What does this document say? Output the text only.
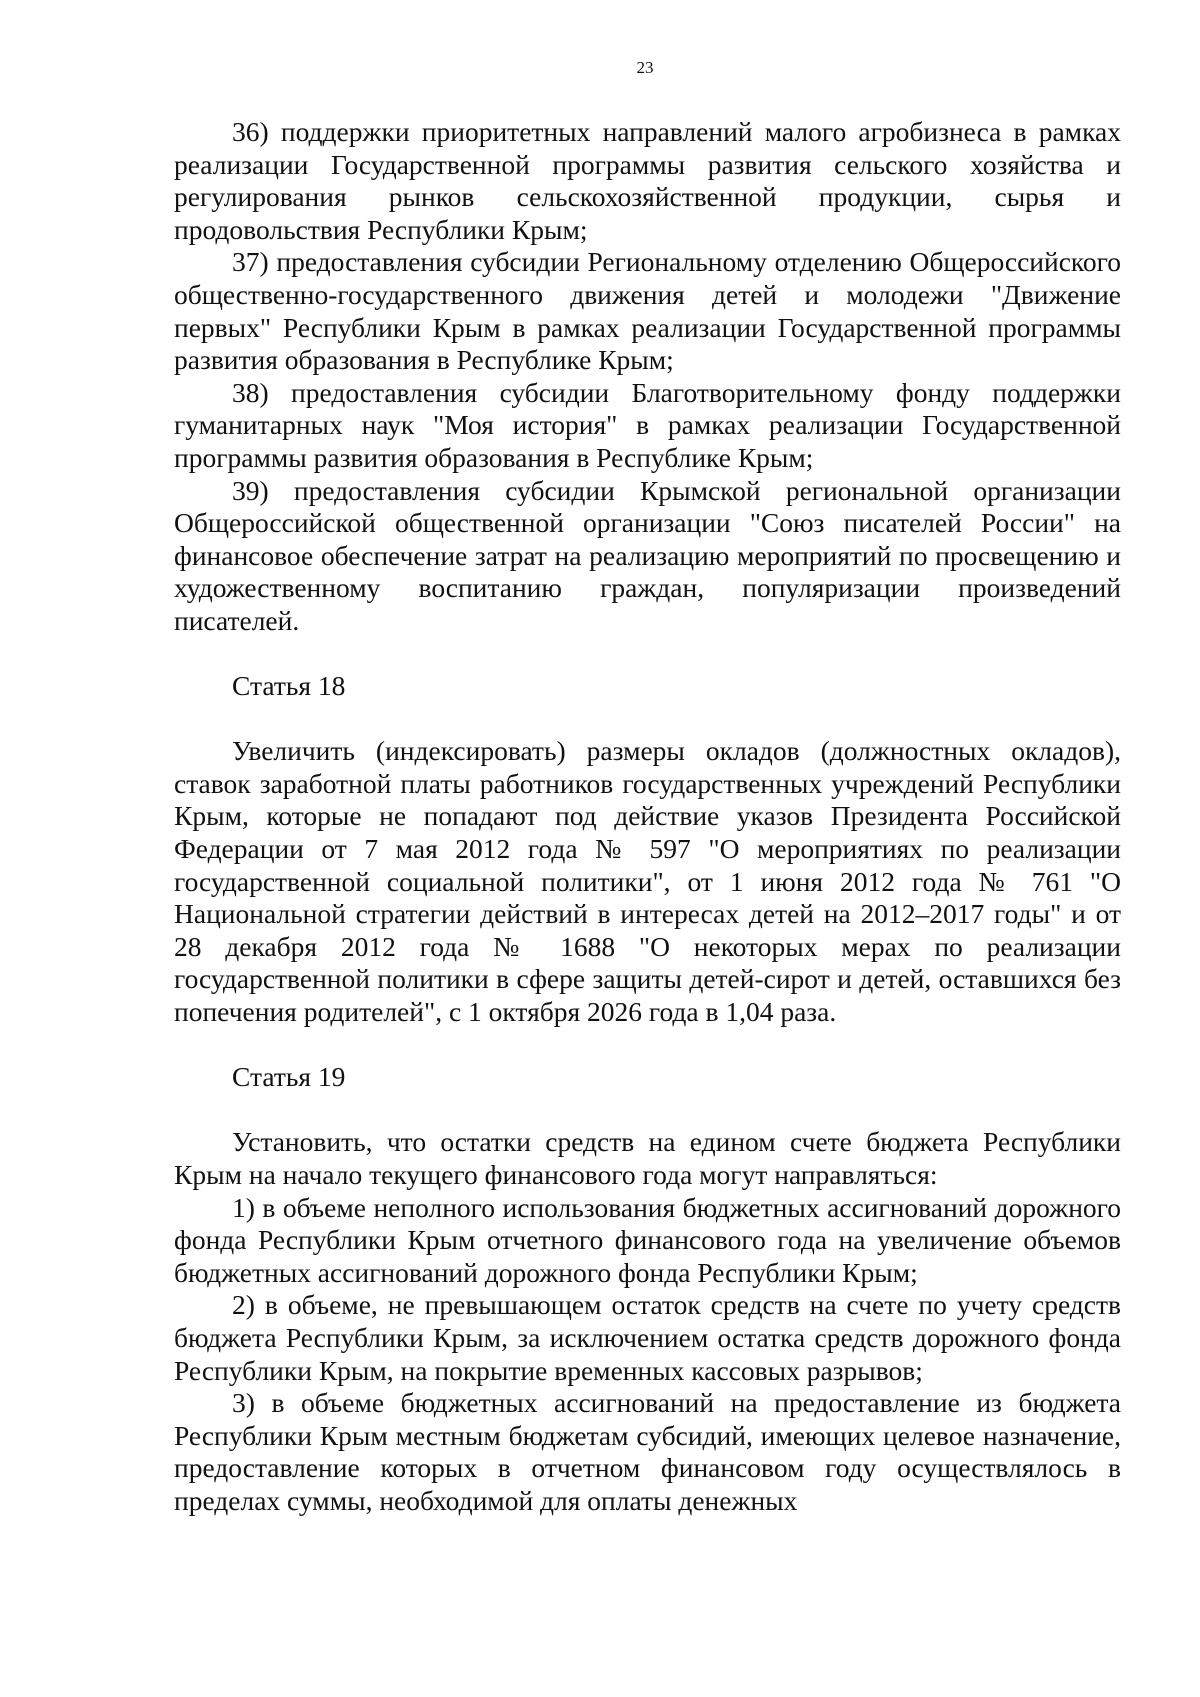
23

36) поддержки приоритетных направлений малого агробизнеса в рамках реализации Государственной программы развития сельского хозяйства и регулирования рынков сельскохозяйственной продукции, сырья и продовольствия Республики Крым;

37) предоставления субсидии Региональному отделению Общероссийского общественно-государственного движения детей и молодежи "Движение первых" Республики Крым в рамках реализации Государственной программы развития образования в Республике Крым;

38) предоставления субсидии Благотворительному фонду поддержки гуманитарных наук "Моя история" в рамках реализации Государственной программы развития образования в Республике Крым;

39) предоставления субсидии Крымской региональной организации Общероссийской общественной организации "Союз писателей России" на финансовое обеспечение затрат на реализацию мероприятий по просвещению и художественному воспитанию граждан, популяризации произведений писателей.

Статья 18

Увеличить (индексировать) размеры окладов (должностных окладов), ставок заработной платы работников государственных учреждений Республики Крым, которые не попадают под действие указов Президента Российской Федерации от 7 мая 2012 года № 597 "О мероприятиях по реализации государственной социальной политики", от 1 июня 2012 года № 761 "О Национальной стратегии действий в интересах детей на 2012–2017 годы" и от 28 декабря 2012 года № 1688 "О некоторых мерах по реализации государственной политики в сфере защиты детей-сирот и детей, оставшихся без попечения родителей", с 1 октября 2026 года в 1,04 раза.

Статья 19

Установить, что остатки средств на едином счете бюджета Республики Крым на начало текущего финансового года могут направляться:

1) в объеме неполного использования бюджетных ассигнований дорожного фонда Республики Крым отчетного финансового года на увеличение объемов бюджетных ассигнований дорожного фонда Республики Крым;

2) в объеме, не превышающем остаток средств на счете по учету средств бюджета Республики Крым, за исключением остатка средств дорожного фонда Республики Крым, на покрытие временных кассовых разрывов;

3) в объеме бюджетных ассигнований на предоставление из бюджета Республики Крым местным бюджетам субсидий, имеющих целевое назначение, предоставление которых в отчетном финансовом году осуществлялось в пределах суммы, необходимой для оплаты денежных
